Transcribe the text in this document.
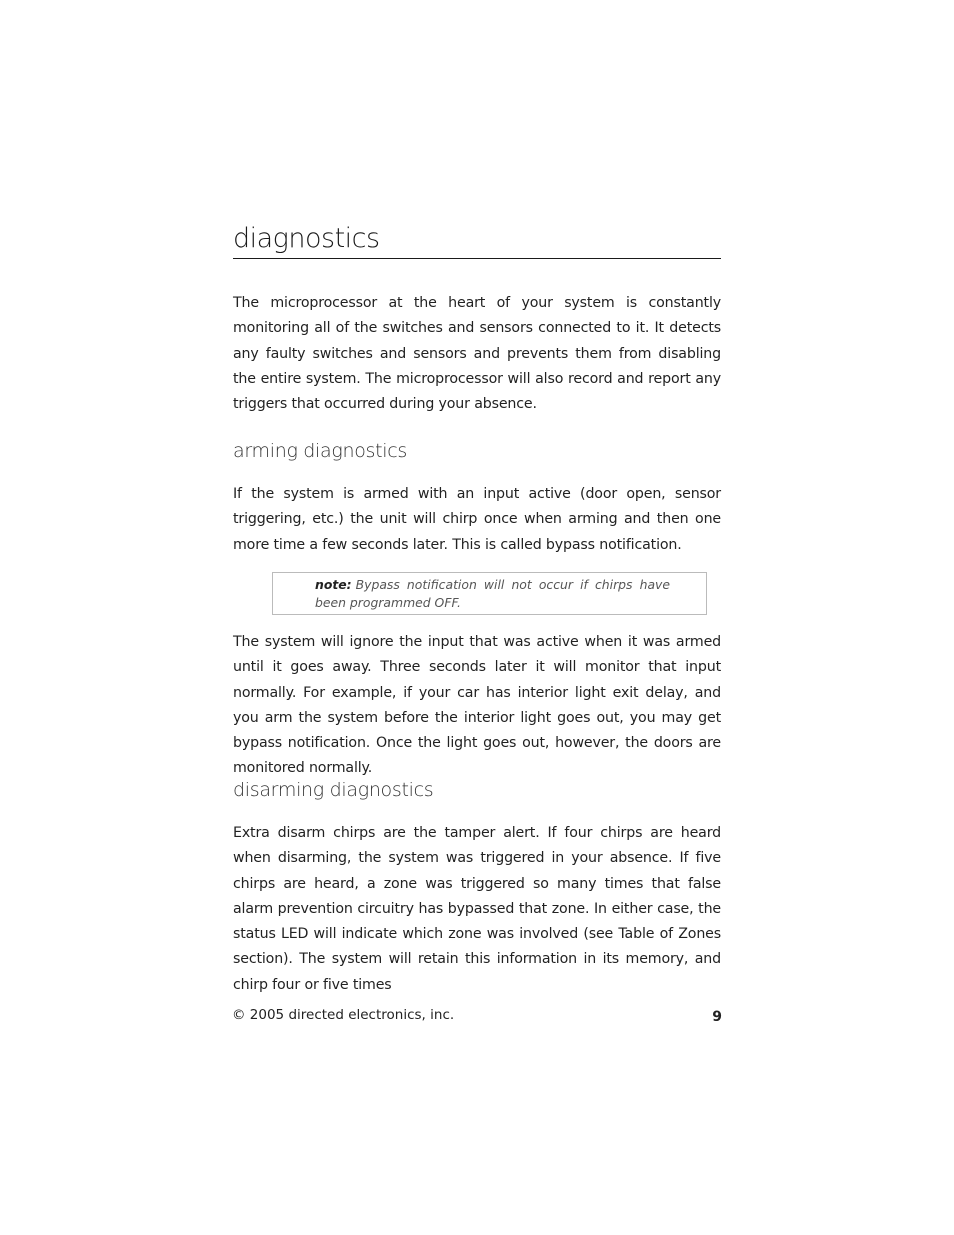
diagnostics

The microprocessor at the heart of your system is constantly monitoring all of the switches and sensors connected to it. It detects any faulty switches and sensors and prevents them from disabling the entire system. The microprocessor will also record and report any triggers that occurred during your absence.

arming diagnostics

If the system is armed with an input active (door open, sensor triggering, etc.) the unit will chirp once when arming and then one more time a few seconds later. This is called bypass notification.

note: Bypass notification will not occur if chirps have been programmed OFF.

The system will ignore the input that was active when it was armed until it goes away. Three seconds later it will monitor that input normally. For example, if your car has interior light exit delay, and you arm the system before the interior light goes out, you may get bypass notification. Once the light goes out, however, the doors are monitored normally.

disarming diagnostics

Extra disarm chirps are the tamper alert. If four chirps are heard when disarming, the system was triggered in your absence. If five chirps are heard, a zone was triggered so many times that false alarm prevention circuitry has bypassed that zone. In either case, the status LED will indicate which zone was involved (see Table of Zones section). The system will retain this information in its memory, and chirp four or five times

© 2005 directed electronics, inc.	9
